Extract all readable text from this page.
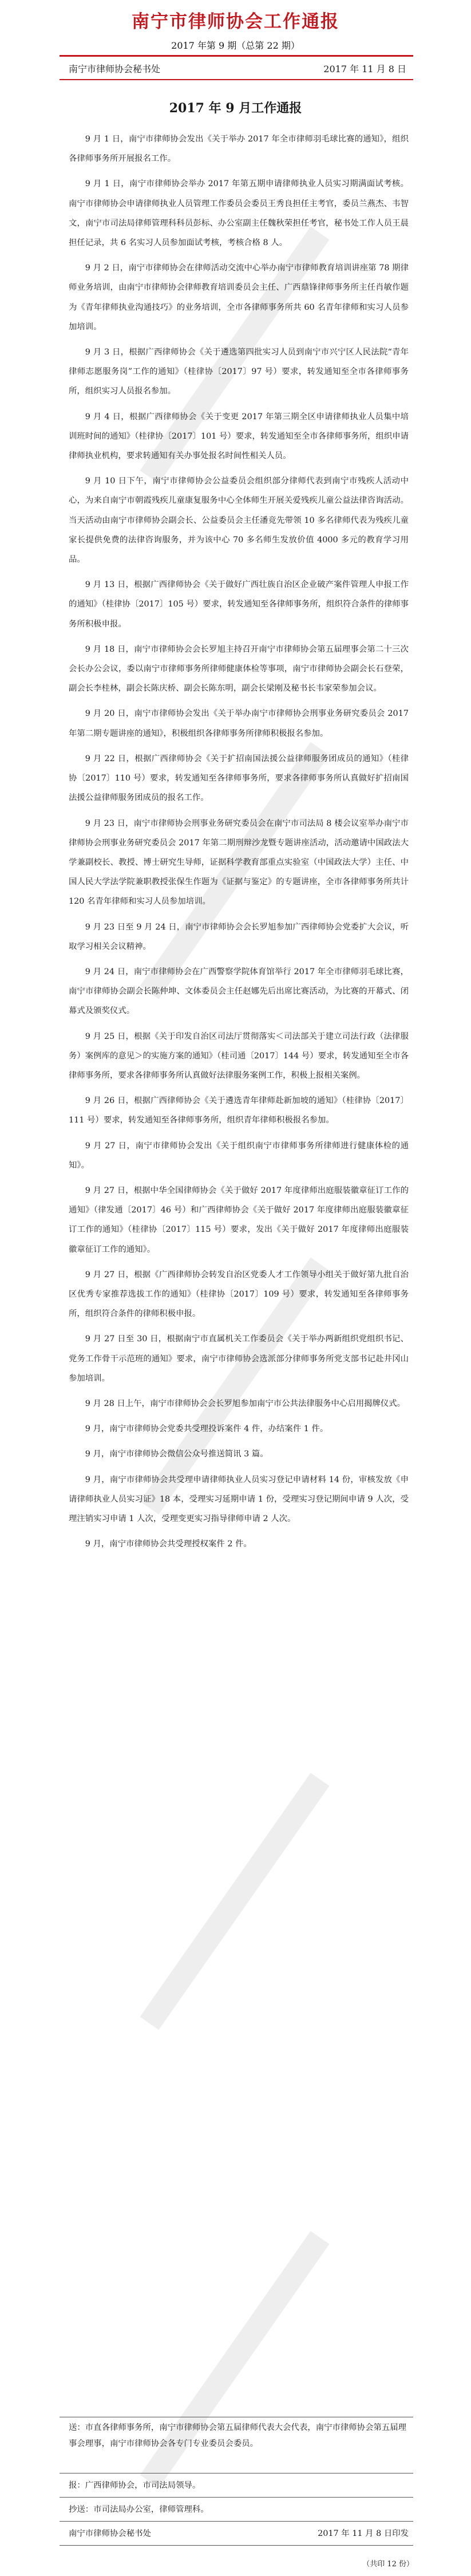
南宁市律师协会工作通报
2017 年第 9 期（总第 22 期）
南宁市律师协会秘书处	2017 年 11 月 8 日
2017 年 9 月工作通报

9 月 1 日，南宁市律师协会发出《关于举办 2017 年全市律师羽毛球比赛的通知》，组织各律师事务所开展报名工作。

9 月 1 日，南宁市律师协会举办 2017 年第五期申请律师执业人员实习期满面试考核。南宁市律师协会申请律师执业人员管理工作委员会委员王秀良担任主考官，委员兰燕杰、韦智文，南宁市司法局律师管理科科员彭标、办公室副主任魏秋荣担任考官，秘书处工作人员王晨担任记录，共 6 名实习人员参加面试考核，考核合格 8 人。

9 月 2 日，南宁市律师协会在律师活动交流中心举办南宁市律师教育培训讲座第 78 期律师业务培训，由南宁市律师协会律师教育培训委员会主任、广西鼎锋律师事务所主任肖敏作题为《青年律师执业沟通技巧》的业务培训，全市各律师事务所共 60 名青年律师和实习人员参加培训。

9 月 3 日，根据广西律师协会《关于遴选第四批实习人员到南宁市兴宁区人民法院“青年律师志愿服务岗”工作的通知》（桂律协〔2017〕97 号）要求，转发通知至全市各律师事务所，组织实习人员报名参加。

9 月 4 日，根据广西律师协会《关于变更 2017 年第三期全区申请律师执业人员集中培训班时间的通知》（桂律协〔2017〕101 号）要求，转发通知至全市各律师事务所，组织申请律师执业机构，要求转通知有关办事处报名时间性相关人员。

9 月 10 日下午，南宁市律师协会公益委员会组织部分律师代表到南宁市残疾人活动中心，为来自南宁市朝霞残疾儿童康复服务中心全体师生开展关爱残疾儿童公益法律咨询活动。当天活动由南宁市律师协会副会长、公益委员会主任潘竞先带领 10 多名律师代表为残疾儿童家长提供免费的法律咨询服务，并为该中心 70 多名师生发放价值 4000 多元的教育学习用品。

9 月 13 日，根据广西律师协会《关于做好广西壮族自治区企业破产案件管理人申报工作的通知》（桂律协〔2017〕105 号）要求，转发通知至各律师事务所，组织符合条件的律师事务所积极申报。

9 月 18 日，南宁市律师协会会长罗旭主持召开南宁市律师协会第五届理事会第二十三次会长办公会议，委以南宁市律师事务所律师健康体检等事项，南宁市律师协会副会长石登荣，副会长李桂林，副会长陈庆桥、副会长陈东明，副会长梁刚及秘书长韦家荣参加会议。

9 月 20 日，南宁市律师协会发出《关于举办南宁市律师协会刑事业务研究委员会 2017 年第二期专题讲座的通知》，积极组织各律师事务所律师积极报名参加。

9 月 22 日，根据广西律师协会《关于扩招南国法援公益律师服务团成员的通知》（桂律协〔2017〕110 号）要求，转发通知至各律师事务所，要求各律师事务所认真做好扩招南国法援公益律师服务团成员的报名工作。

9 月 23 日，南宁市律师协会刑事业务研究委员会在南宁市司法局 8 楼会议室举办南宁市律师协会刑事业务研究委员会 2017 年第二期刑辩沙龙暨专题讲座活动，活动邀请中国政法大学兼副校长、教授、博士研究生导师，证据科学教育部重点实验室（中国政法大学）主任、中国人民大学法学院兼职教授张保生作题为《证据与鉴定》的专题讲座，全市各律师事务所共计 120 名青年律师和实习人员参加培训。

9 月 23 日至 9 月 24 日，南宁市律师协会会长罗旭参加广西律师协会党委扩大会议，听取学习相关会议精神。

9 月 24 日，南宁市律师协会在广西警察学院体育馆举行 2017 年全市律师羽毛球比赛，南宁市律师协会副会长陈仲坤、文体委员会主任赵娜先后出席比赛活动，为比赛的开幕式、闭幕式及颁奖仪式。

9 月 25 日，根据《关于印发自治区司法厅贯彻落实＜司法部关于建立司法行政（法律服务）案例库的意见＞的实施方案的通知》（桂司通〔2017〕144 号）要求，转发通知至全市各律师事务所，要求各律师事务所认真做好法律服务案例工作，积极上报相关案例。

9 月 26 日，根据广西律师协会《关于遴选青年律师赴新加坡的通知》（桂律协〔2017〕111 号）要求，转发通知至各律师事务所，组织青年律师积极报名参加。

9 月 27 日，南宁市律师协会发出《关于组织南宁市律师事务所律师进行健康体检的通知》。

9 月 27 日，根据中华全国律师协会《关于做好 2017 年度律师出庭服装徽章征订工作的通知》（律发通〔2017〕46 号）和广西律师协会《关于做好 2017 年度律师出庭服装徽章征订工作的通知》（桂律协〔2017〕115 号）要求，发出《关于做好 2017 年度律师出庭服装徽章征订工作的通知》。

9 月 27 日，根据《广西律师协会转发自治区党委人才工作领导小组关于做好第九批自治区优秀专家推荐选拔工作的通知》（桂律协〔2017〕109 号）要求，转发通知至各律师事务所，组织符合条件的律师积极申报。

9 月 27 日至 30 日，根据南宁市直属机关工作委员会《关于举办两新组织党组织书记、党务工作骨干示范班的通知》要求，南宁市律师协会选派部分律师事务所党支部书记赴井冈山参加培训。

9 月 28 日上午，南宁市律师协会会长罗旭参加南宁市公共法律服务中心启用揭牌仪式。

9 月，南宁市律师协会党委共受理投诉案件 4 件，办结案件 1 件。

9 月，南宁市律师协会微信公众号推送简讯 3 篇。

9 月，南宁市律师协会共受理申请律师执业人员实习登记申请材料 14 份，审核发放《申请律师执业人员实习证》18 本，受理实习延期申请 1 份，受理实习登记期间申请 9 人次，受理注销实习申请 1 人次，受理变更实习指导律师申请 2 人次。

9 月，南宁市律师协会共受理授权案件 2 件。

送：市直各律师事务所，南宁市律师协会第五届律师代表大会代表，南宁市律师协会第五届理事会理事，南宁市律师协会各专门专业委员会委员。
报：广西律师协会，市司法局领导。
抄送：市司法局办公室，律师管理科。
南宁市律师协会秘书处	2017 年 11 月 8 日印发
（共印 12 份）
